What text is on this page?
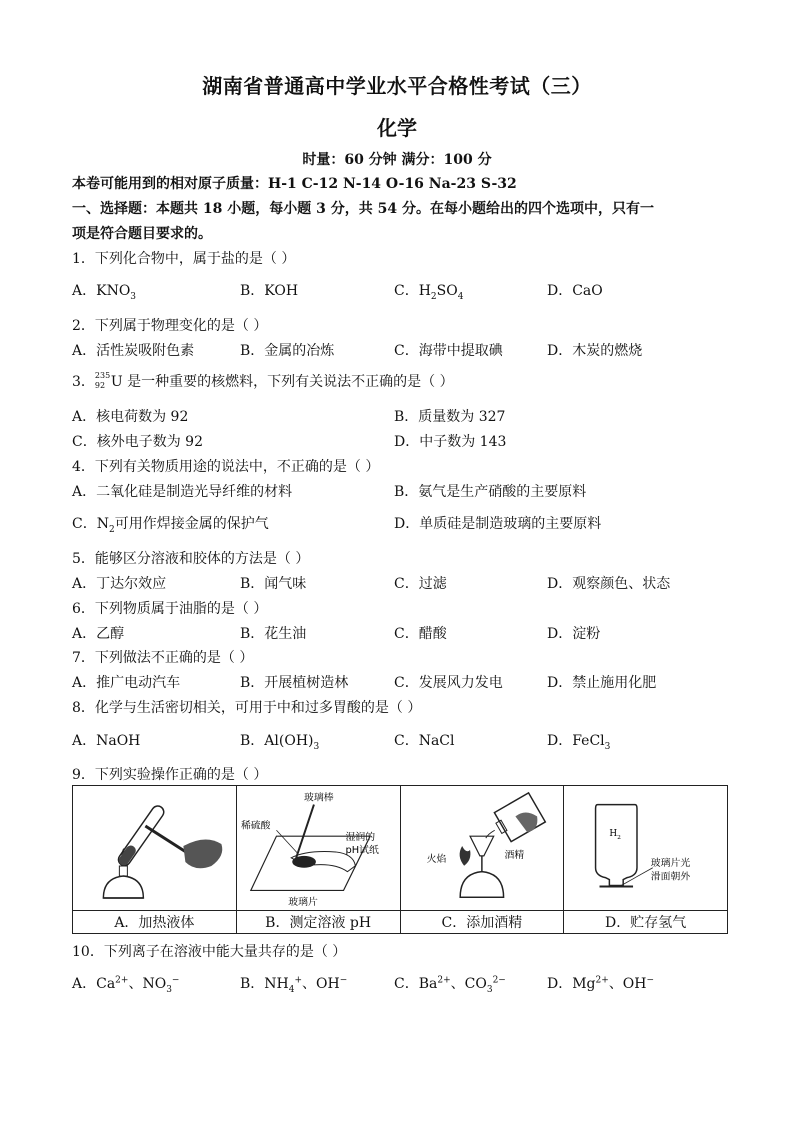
湖南省普通高中学业水平合格性考试（三）
化学
时量：60 分钟 满分：100 分
本卷可能用到的相对原子质量：H-1 C-12 N-14 O-16 Na-23 S-32
一、选择题：本题共 18 小题，每小题 3 分，共 54 分。在每小题给出的四个选项中，只有一
项是符合题目要求的。
1．下列化合物中，属于盐的是（ ）
A．$KNO_3$	B．KOH	C．$H_2SO_4$	D．CaO
2．下列属于物理变化的是（ ）
A．活性炭吸附色素	B．金属的冶炼	C．海带中提取碘	D．木炭的燃烧
3． 235
92 U 是一种重要的核燃料，下列有关说法不正确的是（ ）
A．核电荷数为 92	B．质量数为 327
C．核外电子数为 92	D．中子数为 143
4．下列有关物质用途的说法中，不正确的是（ ）
A．二氧化硅是制造光导纤维的材料	B．氨气是生产硝酸的主要原料
C．$N_2$可用作焊接金属的保护气	D．单质硅是制造玻璃的主要原料
5．能够区分溶液和胶体的方法是（ ）
A．丁达尔效应	B．闻气味	C．过滤	D．观察颜色、状态
6．下列物质属于油脂的是（ ）
A．乙醇	B．花生油	C．醋酸	D．淀粉
7．下列做法不正确的是（ ）
A．推广电动汽车	B．开展植树造林	C．发展风力发电	D．禁止施用化肥
8．化学与生活密切相关，可用于中和过多胃酸的是（ ）
A．NaOH	B．$Al(OH)_3$	C．NaCl	D．FeCl$_3$
9．下列实验操作正确的是（ ）

玻璃棒
稀硫酸
湿润的
pH试纸
玻璃片	火焰 酒精	$H_2$
玻璃片光
滑面朝外

A．加热液体	B．测定溶液 pH	C．添加酒精	D．贮存氢气
10．下列离子在溶液中能大量共存的是（ ）
A．$Ca^{2+}$、$NO_3^-$	B．$NH_4^+$、OH−	C．$Ba^{2+}$、$CO_3^{2-}$	D．$Mg^{2+}$、OH−
